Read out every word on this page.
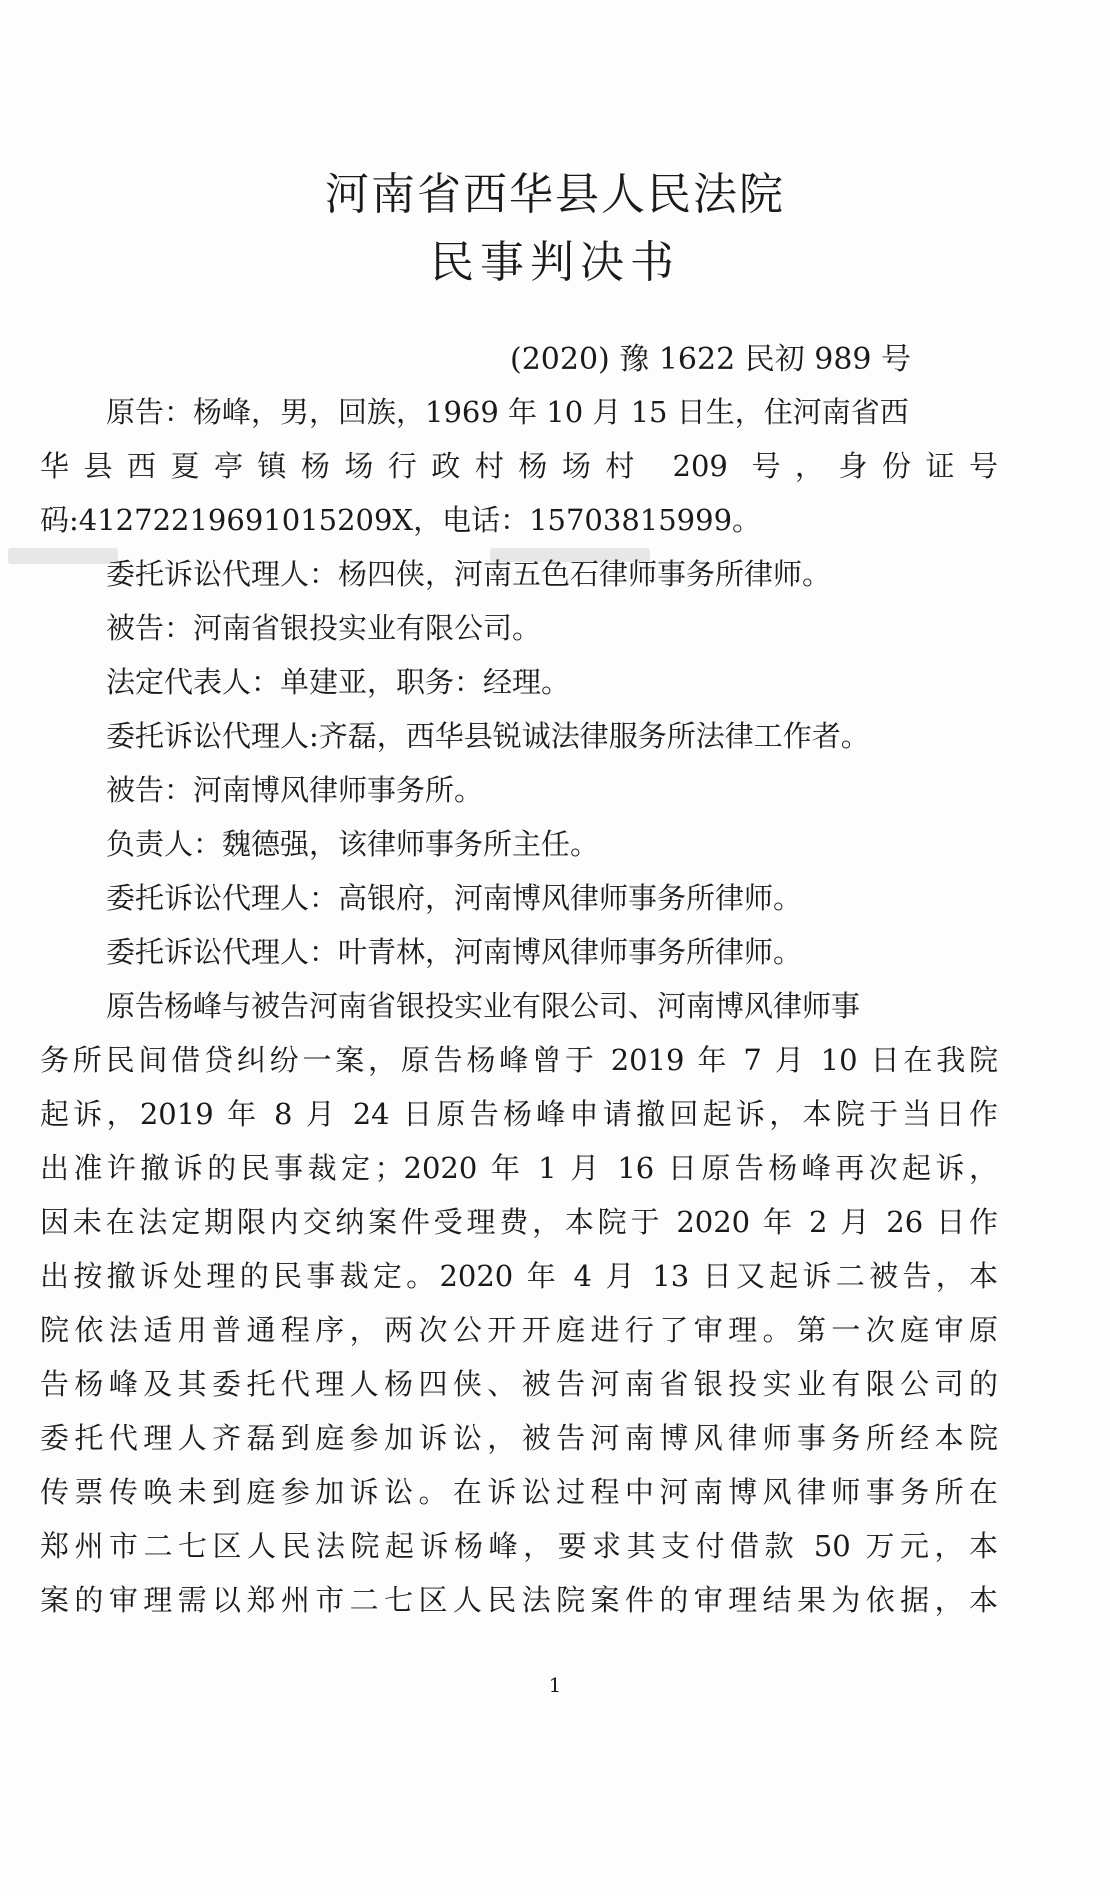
河南省西华县人民法院
民事判决书
(2020) 豫 1622 民初 989 号
原告：杨峰，男，回族，1969 年 10 月 15 日生，住河南省西
华县西夏亭镇杨场行政村杨场村 209 号，身份证号
码:41272219691015209X，电话：15703815999。
委托诉讼代理人：杨四侠，河南五色石律师事务所律师。
被告：河南省银投实业有限公司。
法定代表人：单建亚，职务：经理。
委托诉讼代理人:齐磊，西华县锐诚法律服务所法律工作者。
被告：河南博风律师事务所。
负责人：魏德强，该律师事务所主任。
委托诉讼代理人：高银府，河南博风律师事务所律师。
委托诉讼代理人：叶青林，河南博风律师事务所律师。
原告杨峰与被告河南省银投实业有限公司、河南博风律师事
务所民间借贷纠纷一案，原告杨峰曾于 2019 年 7 月 10 日在我院
起诉，2019 年 8 月 24 日原告杨峰申请撤回起诉，本院于当日作
出准许撤诉的民事裁定；2020 年 1 月 16 日原告杨峰再次起诉，
因未在法定期限内交纳案件受理费，本院于 2020 年 2 月 26 日作
出按撤诉处理的民事裁定。2020 年 4 月 13 日又起诉二被告，本
院依法适用普通程序，两次公开开庭进行了审理。第一次庭审原
告杨峰及其委托代理人杨四侠、被告河南省银投实业有限公司的
委托代理人齐磊到庭参加诉讼，被告河南博风律师事务所经本院
传票传唤未到庭参加诉讼。在诉讼过程中河南博风律师事务所在
郑州市二七区人民法院起诉杨峰，要求其支付借款 50 万元，本
案的审理需以郑州市二七区人民法院案件的审理结果为依据，本
1
